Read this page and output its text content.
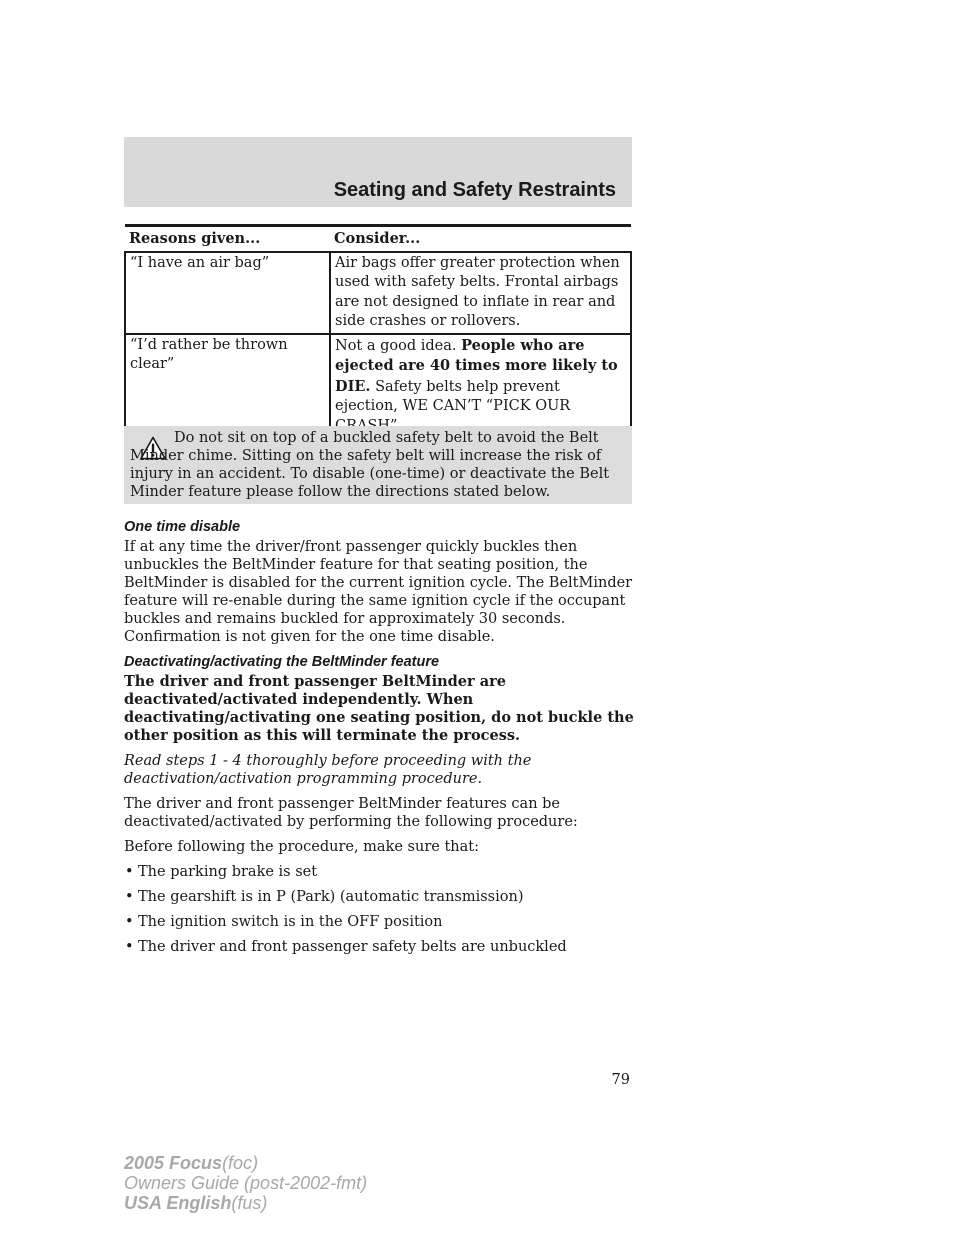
Seating and Safety Restraints
Reasons given...	Consider...
“I have an air bag”	Air bags offer greater protection when used with safety belts. Frontal airbags are not designed to inflate in rear and side crashes or rollovers.
“I’d rather be thrown clear”	Not a good idea. People who are ejected are 40 times more likely to DIE. Safety belts help prevent ejection, WE CAN’T “PICK OUR

Do not sit on top of a buckled safety belt to avoid the Belt Minder chime. Sitting on the safety belt will increase the risk of injury in an accident. To disable (one-time) or deactivate the Belt Minder feature please follow the directions stated below.

One time disable

If at any time the driver/front passenger quickly buckles then unbuckles the BeltMinder feature for that seating position, the BeltMinder is disabled for the current ignition cycle. The BeltMinder feature will re-enable during the same ignition cycle if the occupant buckles and remains buckled for approximately 30 seconds. Confirmation is not given for the one time disable.

Deactivating/activating the BeltMinder feature

The driver and front passenger BeltMinder are deactivated/activated independently. When deactivating/activating one seating position, do not buckle the other position as this will terminate the process.

Read steps 1 - 4 thoroughly before proceeding with the deactivation/activation programming procedure.

The driver and front passenger BeltMinder features can be deactivated/activated by performing the following procedure:

Before following the procedure, make sure that:

• The parking brake is set
• The gearshift is in P (Park) (automatic transmission)
• The ignition switch is in the OFF position
• The driver and front passenger safety belts are unbuckled
79
2005 Focus(foc)
Owners Guide (post-2002-fmt)
USA English(fus)
